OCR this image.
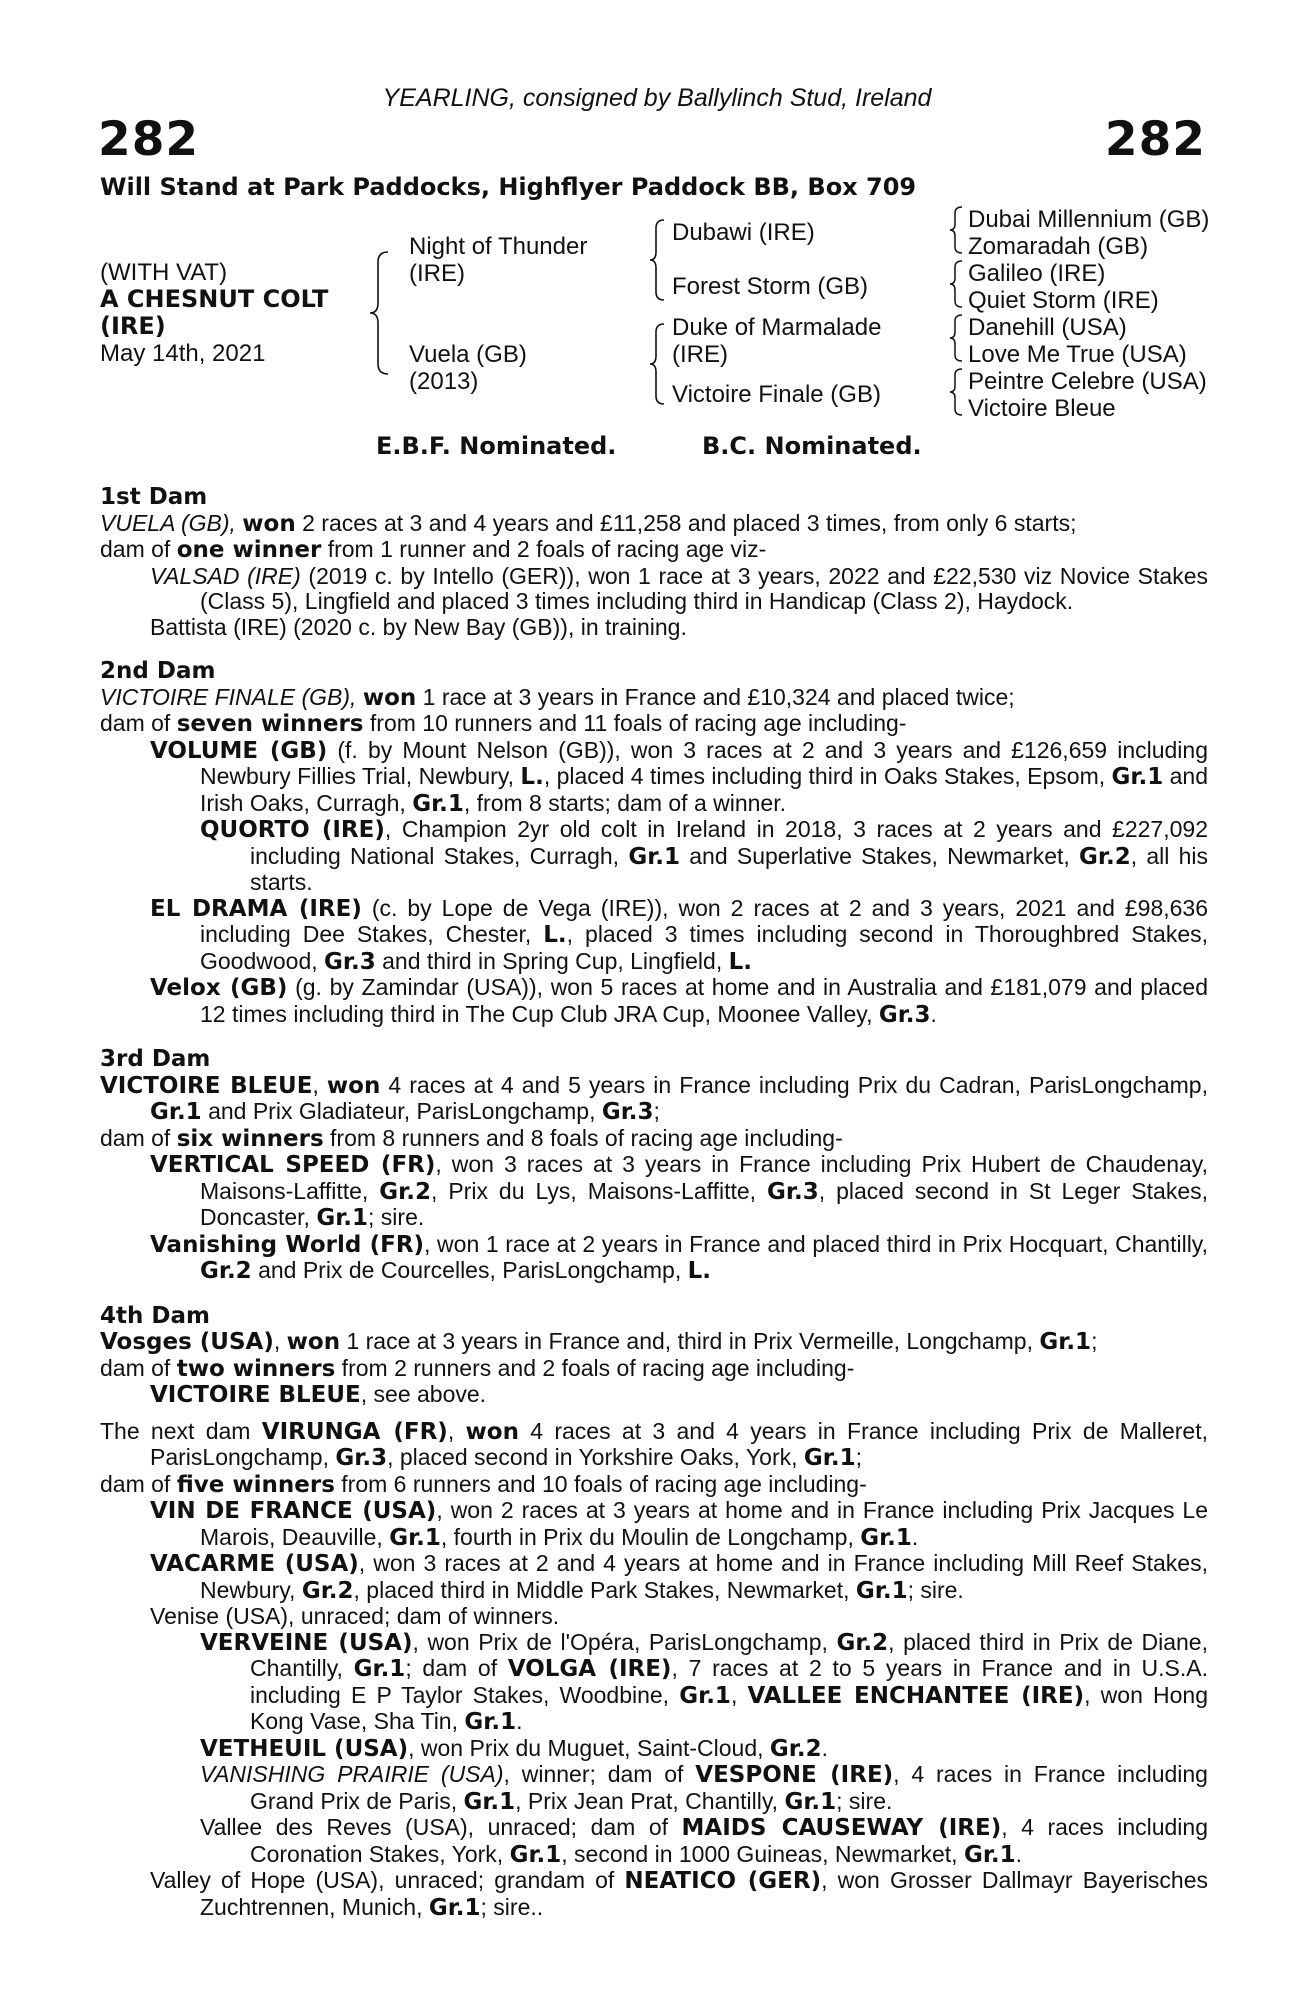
YEARLING, consigned by Ballylinch Stud, Ireland
282	282
Will Stand at Park Paddocks, Highflyer Paddock BB, Box 709
(WITH VAT)
A CHESNUT COLT
(IRE)
May 14th, 2021
Night of Thunder
(IRE)
Vuela (GB)
(2013)
Dubawi (IRE)
Forest Storm (GB)
Duke of Marmalade
(IRE)
Victoire Finale (GB)
Dubai Millennium (GB)
Zomaradah (GB)
Galileo (IRE)
Quiet Storm (IRE)
Danehill (USA)
Love Me True (USA)
Peintre Celebre (USA)
Victoire Bleue
E.B.F. Nominated.	B.C. Nominated.
1st Dam

VUELA (GB), won 2 races at 3 and 4 years and £11,258 and placed 3 times, from only 6 starts;

dam of one winner from 1 runner and 2 foals of racing age viz-

VALSAD (IRE) (2019 c. by Intello (GER)), won 1 race at 3 years, 2022 and £22,530 viz Novice Stakes (Class 5), Lingfield and placed 3 times including third in Handicap (Class 2), Haydock.

Battista (IRE) (2020 c. by New Bay (GB)), in training.

2nd Dam

VICTOIRE FINALE (GB), won 1 race at 3 years in France and £10,324 and placed twice;

dam of seven winners from 10 runners and 11 foals of racing age including-

VOLUME (GB) (f. by Mount Nelson (GB)), won 3 races at 2 and 3 years and £126,659 including Newbury Fillies Trial, Newbury, L., placed 4 times including third in Oaks Stakes, Epsom, Gr.1 and Irish Oaks, Curragh, Gr.1, from 8 starts; dam of a winner.

QUORTO (IRE), Champion 2yr old colt in Ireland in 2018, 3 races at 2 years and £227,092 including National Stakes, Curragh, Gr.1 and Superlative Stakes, Newmarket, Gr.2, all his starts.

EL DRAMA (IRE) (c. by Lope de Vega (IRE)), won 2 races at 2 and 3 years, 2021 and £98,636 including Dee Stakes, Chester, L., placed 3 times including second in Thoroughbred Stakes, Goodwood, Gr.3 and third in Spring Cup, Lingfield, L.

Velox (GB) (g. by Zamindar (USA)), won 5 races at home and in Australia and £181,079 and placed 12 times including third in The Cup Club JRA Cup, Moonee Valley, Gr.3.

3rd Dam

VICTOIRE BLEUE, won 4 races at 4 and 5 years in France including Prix du Cadran, ParisLongchamp, Gr.1 and Prix Gladiateur, ParisLongchamp, Gr.3;

dam of six winners from 8 runners and 8 foals of racing age including-

VERTICAL SPEED (FR), won 3 races at 3 years in France including Prix Hubert de Chaudenay, Maisons-Laffitte, Gr.2, Prix du Lys, Maisons-Laffitte, Gr.3, placed second in St Leger Stakes, Doncaster, Gr.1; sire.

Vanishing World (FR), won 1 race at 2 years in France and placed third in Prix Hocquart, Chantilly, Gr.2 and Prix de Courcelles, ParisLongchamp, L.

4th Dam

Vosges (USA), won 1 race at 3 years in France and, third in Prix Vermeille, Longchamp, Gr.1;

dam of two winners from 2 runners and 2 foals of racing age including-

VICTOIRE BLEUE, see above.

The next dam VIRUNGA (FR), won 4 races at 3 and 4 years in France including Prix de Malleret, ParisLongchamp, Gr.3, placed second in Yorkshire Oaks, York, Gr.1;

dam of five winners from 6 runners and 10 foals of racing age including-

VIN DE FRANCE (USA), won 2 races at 3 years at home and in France including Prix Jacques Le Marois, Deauville, Gr.1, fourth in Prix du Moulin de Longchamp, Gr.1.

VACARME (USA), won 3 races at 2 and 4 years at home and in France including Mill Reef Stakes, Newbury, Gr.2, placed third in Middle Park Stakes, Newmarket, Gr.1; sire.

Venise (USA), unraced; dam of winners.

VERVEINE (USA), won Prix de l'Opéra, ParisLongchamp, Gr.2, placed third in Prix de Diane, Chantilly, Gr.1; dam of VOLGA (IRE), 7 races at 2 to 5 years in France and in U.S.A. including E P Taylor Stakes, Woodbine, Gr.1, VALLEE ENCHANTEE (IRE), won Hong Kong Vase, Sha Tin, Gr.1.

VETHEUIL (USA), won Prix du Muguet, Saint-Cloud, Gr.2.

VANISHING PRAIRIE (USA), winner; dam of VESPONE (IRE), 4 races in France including Grand Prix de Paris, Gr.1, Prix Jean Prat, Chantilly, Gr.1; sire.

Vallee des Reves (USA), unraced; dam of MAIDS CAUSEWAY (IRE), 4 races including Coronation Stakes, York, Gr.1, second in 1000 Guineas, Newmarket, Gr.1.

Valley of Hope (USA), unraced; grandam of NEATICO (GER), won Grosser Dallmayr Bayerisches Zuchtrennen, Munich, Gr.1; sire..
